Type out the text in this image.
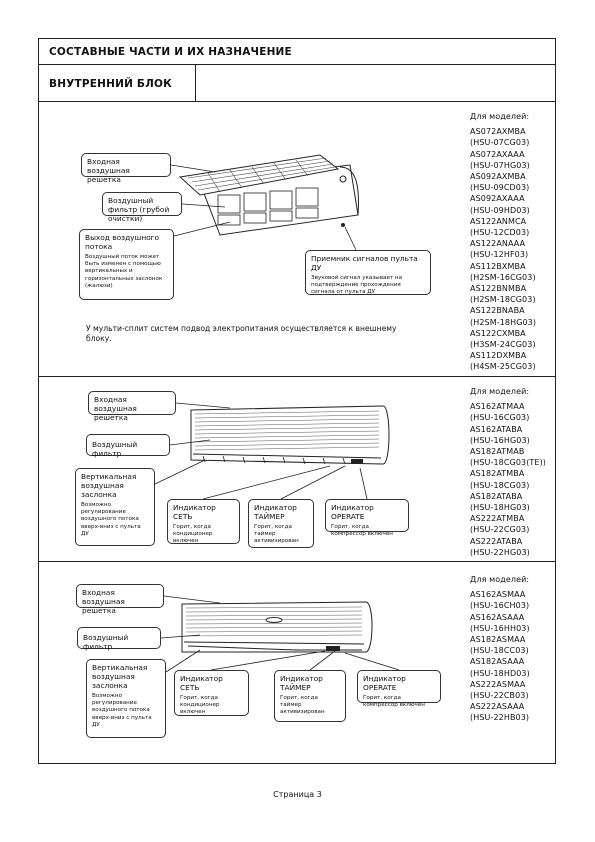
СОСТАВНЫЕ ЧАСТИ И ИХ НАЗНАЧЕНИЕ
ВНУТРЕННИЙ БЛОК
Входная воздушная решетка
Воздушный фильтр (грубой очистки)
Выход воздушного потока
Воздушный поток может быть изменен с помощью вертикальных и горизонтальных заслонок (жалюзи)
Приемник сигналов пульта ДУ
Звуковой сигнал указывает на подтверждение прохождения сигнала от пульта ДУ
У мульти-сплит систем подвод электропитания осуществляется к внешнему блоку.
Для моделей:
AS072AXMBA
(HSU-07CG03)
AS072AXAAA
(HSU-07HG03)
AS092AXMBA
(HSU-09CD03)
AS092AXAAA
(HSU-09HD03)
AS122ANMCA
(HSU-12CD03)
AS122ANAAA
(HSU-12HF03)
AS112BXMBA
(H2SM-16CG03)
AS122BNMBA
(H2SM-18CG03)
AS122BNABA
(H2SM-18HG03)
AS122CXMBA
(H3SM-24CG03)
AS112DXMBA
(H4SM-25CG03)
Входная воздушная решетка
Воздушный фильтр
Вертикальная воздушная заслонка
Возможно регулирование воздушного потока вверх-вниз с пульта ДУ
Индикатор СЕТЬ
Горит, когда кондиционер включен
Индикатор ТАЙМЕР
Горит, когда таймер активизирован
Индикатор OPERATE
Горит, когда компрессор включен
Для моделей:
AS162ATMAA
(HSU-16CG03)
AS162ATABA
(HSU-16HG03)
AS182ATMAB
(HSU-18CG03(TE))
AS182ATMBA
(HSU-18CG03)
AS182ATABA
(HSU-18HG03)
AS222ATMBA
(HSU-22CG03)
AS222ATABA
(HSU-22HG03)
Входная воздушная решетка
Воздушный фильтр
Вертикальная воздушная заслонка
Возможно регулирование воздушного потока вверх-вниз с пульта ДУ
Индикатор СЕТЬ
Горит, когда кондиционер включен
Индикатор ТАЙМЕР
Горит, когда таймер активизирован
Индикатор OPERATE
Горит, когда компрессор включен
Для моделей:
AS162ASMAA
(HSU-16CH03)
AS162ASAAA
(HSU-16HH03)
AS182ASMAA
(HSU-18CC03)
AS182ASAAA
(HSU-18HD03)
AS222ASMAA
(HSU-22CB03)
AS222ASAAA
(HSU-22HB03)
Страница 3
